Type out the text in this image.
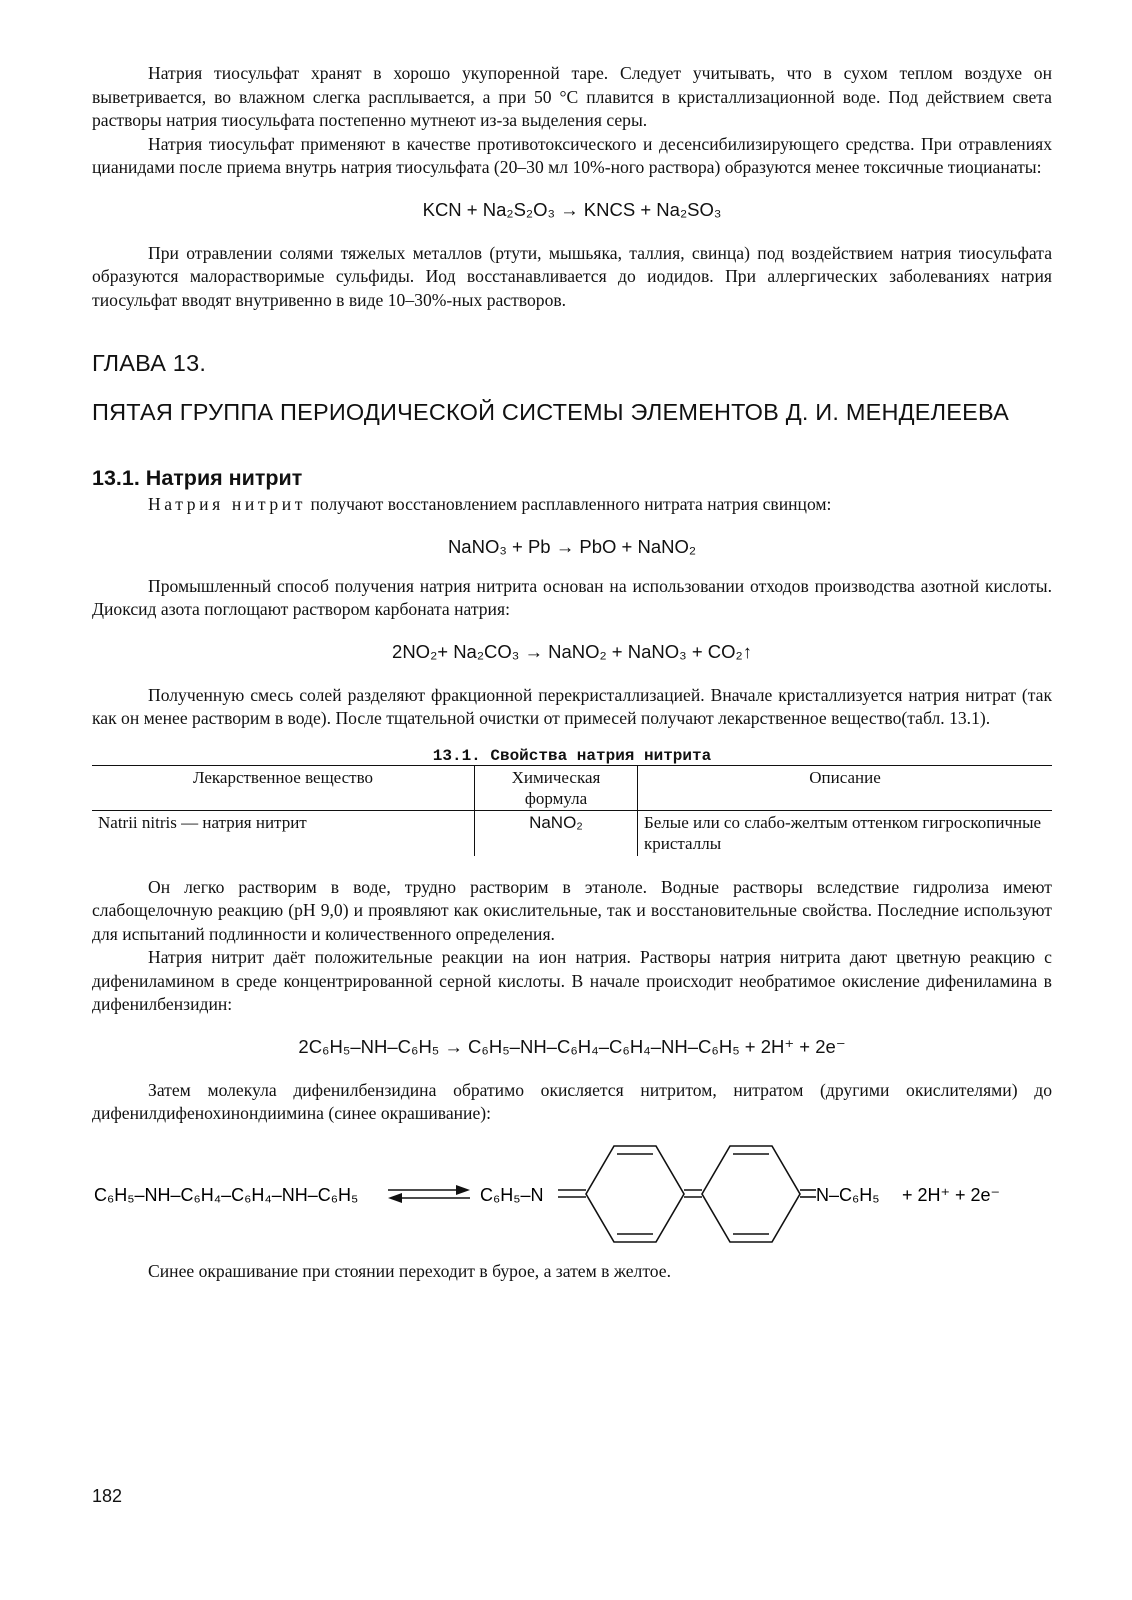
Натрия тиосульфат хранят в хорошо укупоренной таре. Следует учитывать, что в сухом теплом воздухе он выветривается, во влажном слегка расплывается, а при 50 °С плавится в кристаллизационной воде. Под действием света растворы натрия тиосульфата постепенно мутнеют из-за выделения серы.

Натрия тиосульфат применяют в качестве противотоксического и десенсибилизирующего средства. При отравлениях цианидами после приема внутрь натрия тиосульфата (20–30 мл 10%-ного раствора) образуются менее токсичные тиоцианаты:

KCN + Na₂S₂O₃ → KNCS + Na₂SO₃

При отравлении солями тяжелых металлов (ртути, мышьяка, таллия, свинца) под воздействием натрия тиосульфата образуются малорастворимые сульфиды. Иод восстанавливается до иодидов. При аллергических заболеваниях натрия тиосульфат вводят внутривенно в виде 10–30%-ных растворов.

ГЛАВА 13.
ПЯТАЯ ГРУППА ПЕРИОДИЧЕСКОЙ СИСТЕМЫ ЭЛЕМЕНТОВ Д. И. МЕНДЕЛЕЕВА
13.1. Натрия нитрит

Натрия нитрит получают восстановлением расплавленного нитрата натрия свинцом:

NaNO₃ + Pb → PbO + NaNO₂

Промышленный способ получения натрия нитрита основан на использовании отходов производства азотной кислоты. Диоксид азота поглощают раствором карбоната натрия:

2NO₂+ Na₂CO₃ → NaNO₂ + NaNO₃ + CO₂↑

Полученную смесь солей разделяют фракционной перекристаллизацией. Вначале кристаллизуется натрия нитрат (так как он менее растворим в воде). После тщательной очистки от примесей получают лекарственное вещество(табл. 13.1).

13.1. Свойства натрия нитрита
Лекарственное вещество	Химическая формула	Описание
Natrii nitris — натрия нитрит	NaNO₂	Белые или со слабо-желтым оттенком гигроскопичные кристаллы

Он легко растворим в воде, трудно растворим в этаноле. Водные растворы вследствие гидролиза имеют слабощелочную реакцию (рН 9,0) и проявляют как окислительные, так и восстановительные свойства. Последние используют для испытаний подлинности и количественного определения.

Натрия нитрит даёт положительные реакции на ион натрия. Растворы натрия нитрита дают цветную реакцию с дифениламином в среде концентрированной серной кислоты. В начале происходит необратимое окисление дифениламина в дифенилбензидин:

2C₆H₅–NH–C₆H₅ → C₆H₅–NH–C₆H₄–C₆H₄–NH–C₆H₅ + 2H⁺ + 2e⁻

Затем молекула дифенилбензидина обратимо окисляется нитритом, нитратом (другими окислителями) до дифенилдифенохинондиимина (синее окрашивание):

C₆H₅–NH–C₆H₄–C₆H₄–NH–C₆H₅	C₆H₅–N	N–C₆H₅ + 2H⁺ + 2e⁻

Синее окрашивание при стоянии переходит в бурое, а затем в желтое.

182
